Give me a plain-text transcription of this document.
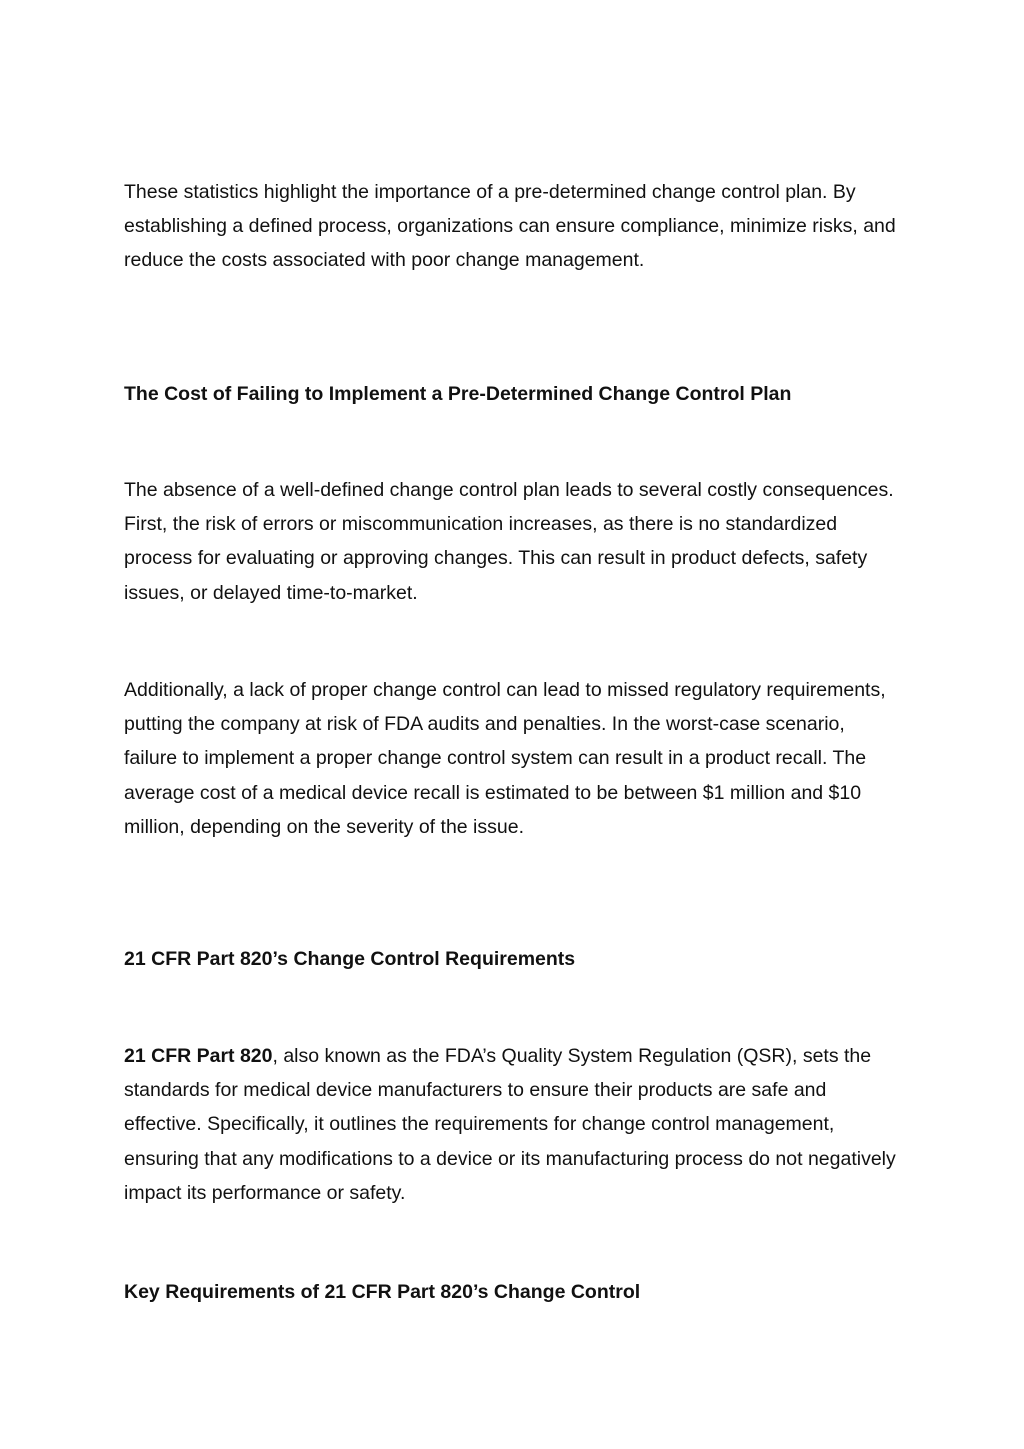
These statistics highlight the importance of a pre-determined change control plan. By establishing a defined process, organizations can ensure compliance, minimize risks, and reduce the costs associated with poor change management.

The Cost of Failing to Implement a Pre-Determined Change Control Plan

The absence of a well-defined change control plan leads to several costly consequences. First, the risk of errors or miscommunication increases, as there is no standardized process for evaluating or approving changes. This can result in product defects, safety issues, or delayed time-to-market.

Additionally, a lack of proper change control can lead to missed regulatory requirements, putting the company at risk of FDA audits and penalties. In the worst-case scenario, failure to implement a proper change control system can result in a product recall. The average cost of a medical device recall is estimated to be between $1 million and $10 million, depending on the severity of the issue.

21 CFR Part 820’s Change Control Requirements

21 CFR Part 820, also known as the FDA’s Quality System Regulation (QSR), sets the standards for medical device manufacturers to ensure their products are safe and effective. Specifically, it outlines the requirements for change control management, ensuring that any modifications to a device or its manufacturing process do not negatively impact its performance or safety.

Key Requirements of 21 CFR Part 820’s Change Control
